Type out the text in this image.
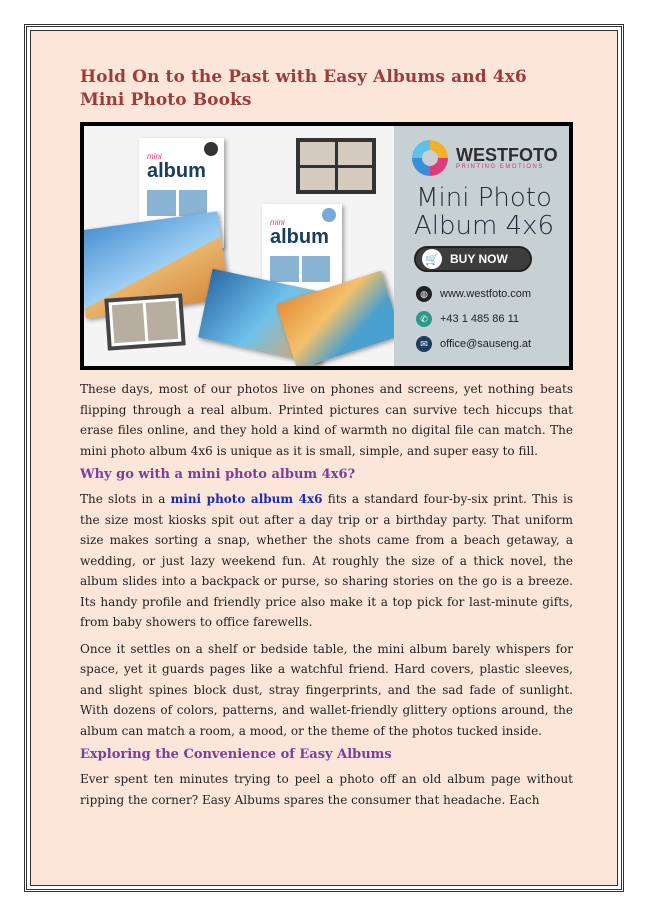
Hold On to the Past with Easy Albums and 4x6 Mini Photo Books
mini
album
mini
album
WESTFOTO
PRINTING EMOTIONS
Mini Photo Album 4x6
🛒 BUY NOW
◍	www.westfoto.com
✆	+43 1 485 86 11
✉	office@sauseng.at

These days, most of our photos live on phones and screens, yet nothing beats flipping through a real album. Printed pictures can survive tech hiccups that erase files online, and they hold a kind of warmth no digital file can match. The mini photo album 4x6 is unique as it is small, simple, and super easy to fill.

Why go with a mini photo album 4x6?

The slots in a mini photo album 4x6 fits a standard four-by-six print. This is the size most kiosks spit out after a day trip or a birthday party. That uniform size makes sorting a snap, whether the shots came from a beach getaway, a wedding, or just lazy weekend fun. At roughly the size of a thick novel, the album slides into a backpack or purse, so sharing stories on the go is a breeze. Its handy profile and friendly price also make it a top pick for last-minute gifts, from baby showers to office farewells.

Once it settles on a shelf or bedside table, the mini album barely whispers for space, yet it guards pages like a watchful friend. Hard covers, plastic sleeves, and slight spines block dust, stray fingerprints, and the sad fade of sunlight. With dozens of colors, patterns, and wallet-friendly glittery options around, the album can match a room, a mood, or the theme of the photos tucked inside.

Exploring the Convenience of Easy Albums

Ever spent ten minutes trying to peel a photo off an old album page without ripping the corner? Easy Albums spares the consumer that headache. Each
